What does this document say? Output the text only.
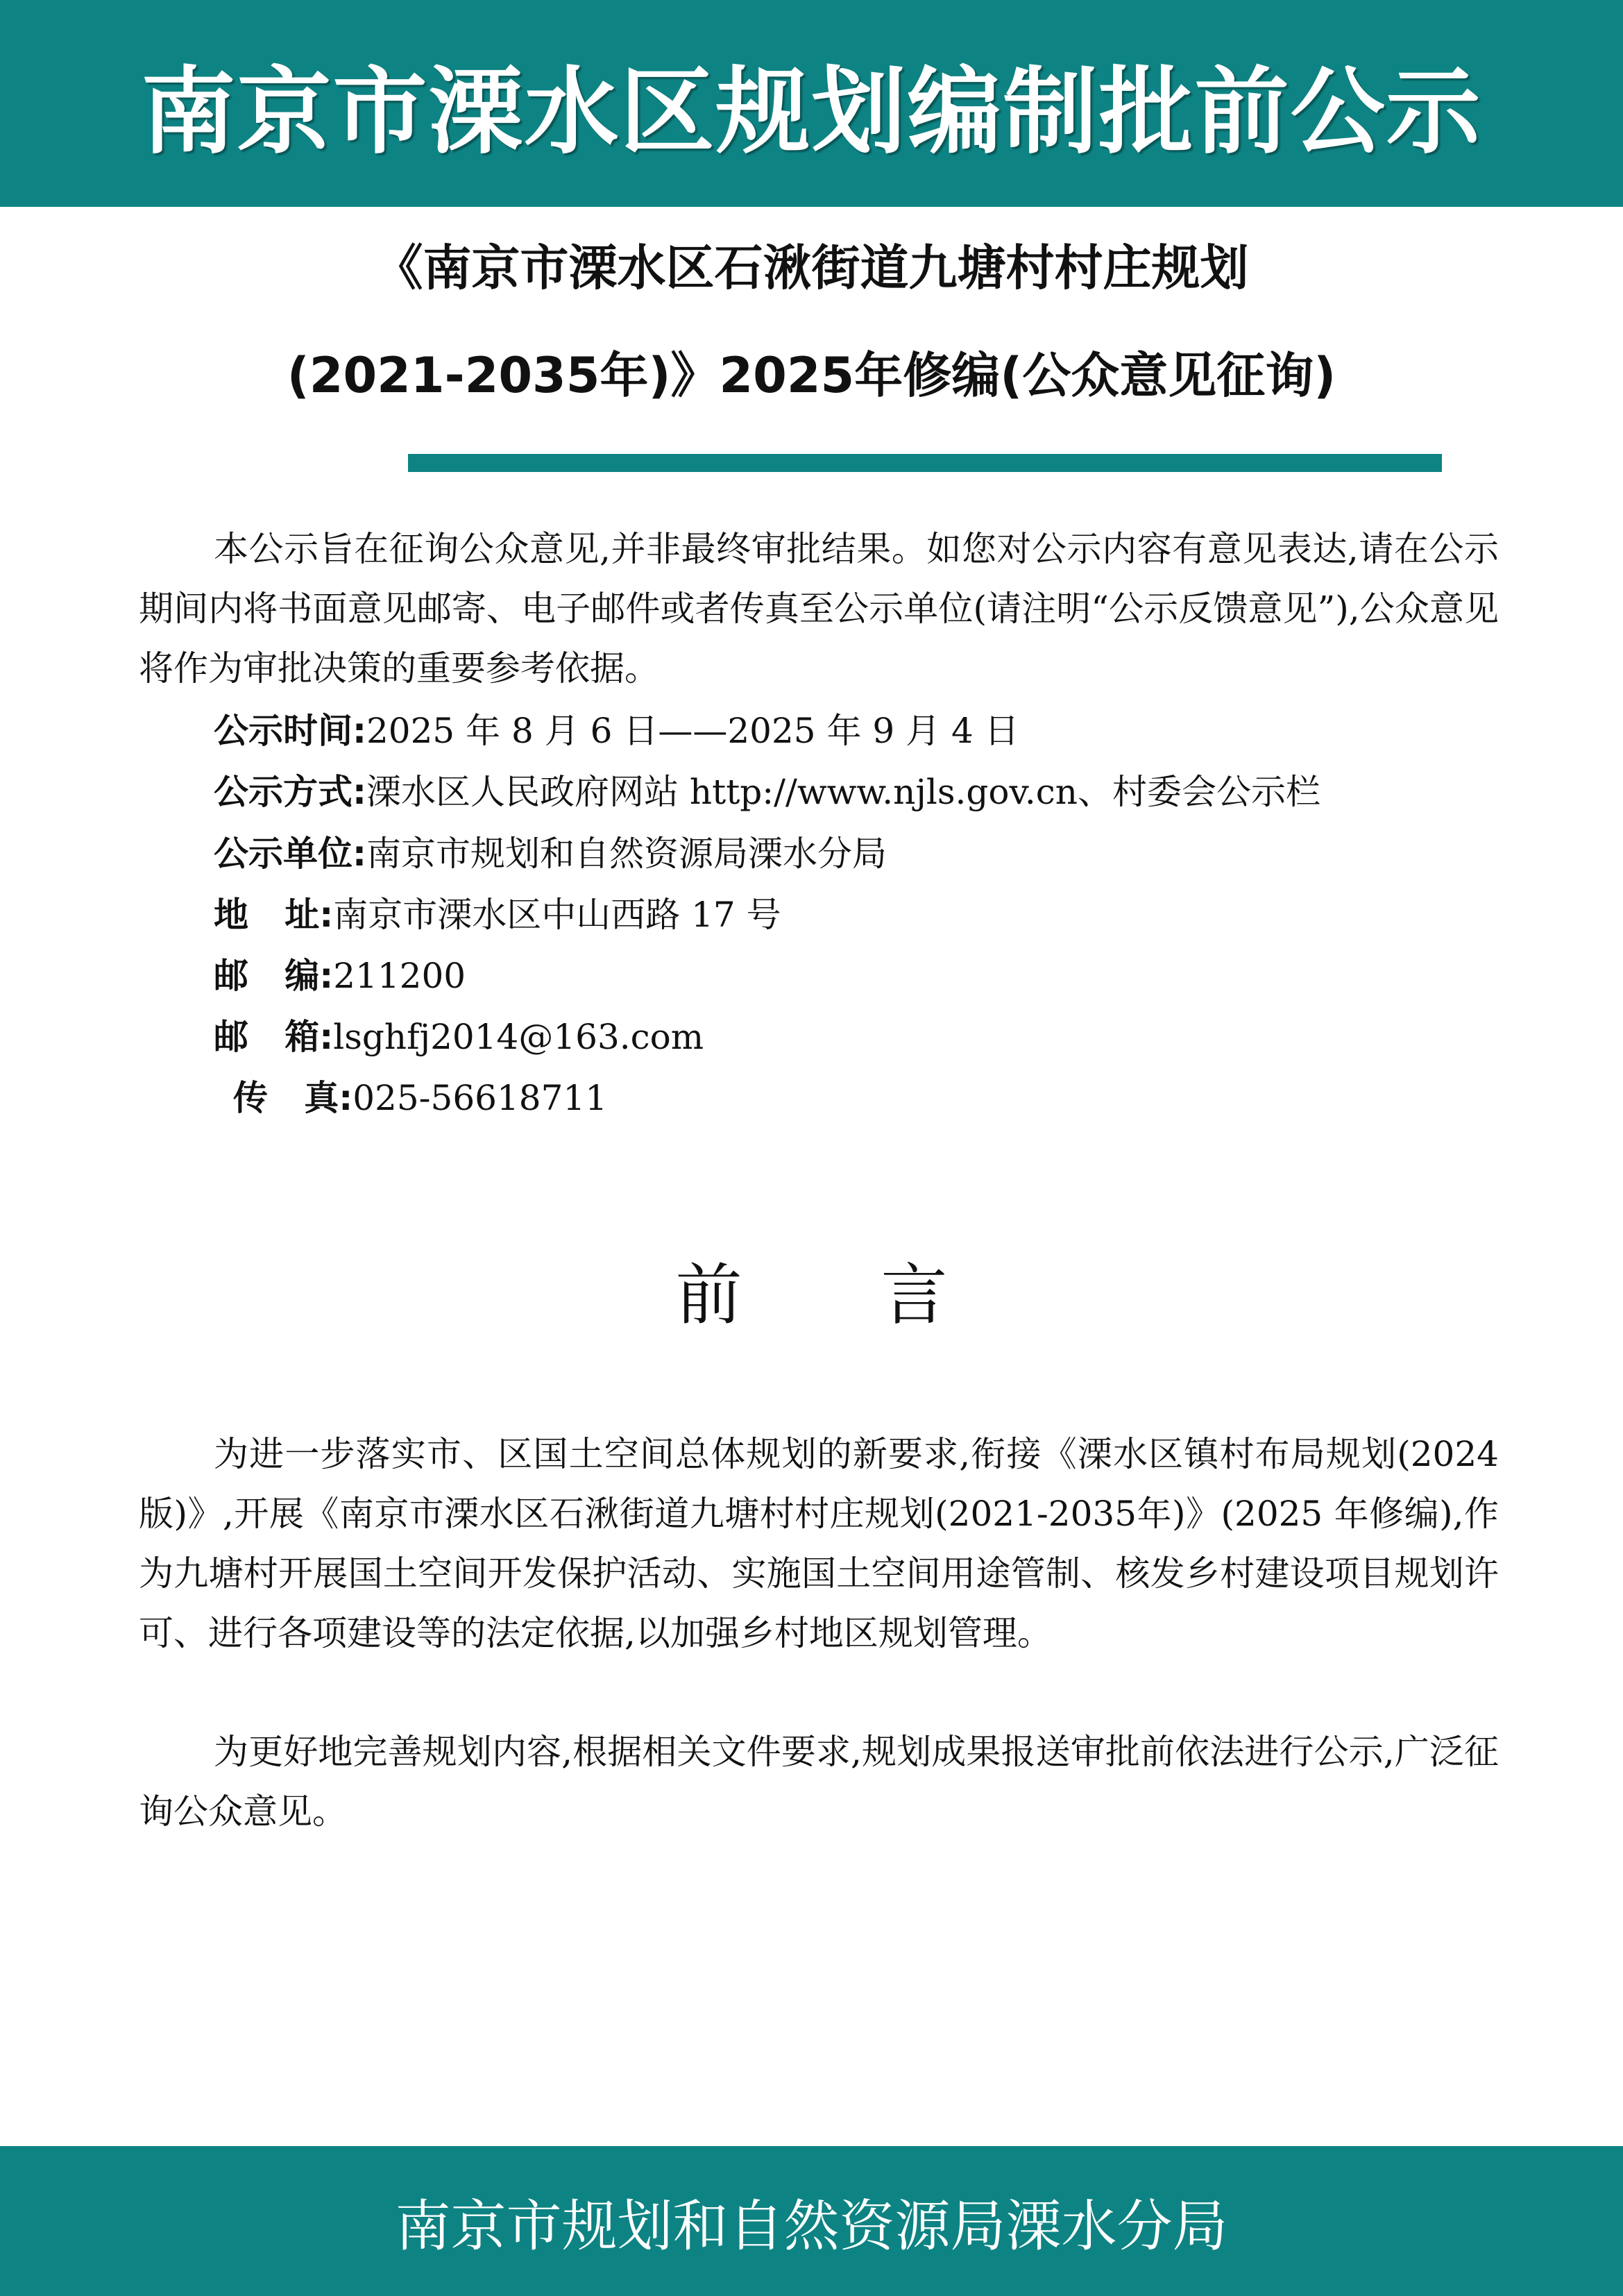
南京市溧水区规划编制批前公示
《南京市溧水区石湫街道九塘村村庄规划
(2021-2035年)》2025年修编(公众意见征询)

本公示旨在征询公众意见,并非最终审批结果。如您对公示内容有意见表达,请在公示期间内将书面意见邮寄、电子邮件或者传真至公示单位(请注明“公示反馈意见”),公众意见将作为审批决策的重要参考依据。

公示时间:2025 年 8 月 6 日——2025 年 9 月 4 日
公示方式:溧水区人民政府网站 http://www.njls.gov.cn、村委会公示栏
公示单位:南京市规划和自然资源局溧水分局
地   址:南京市溧水区中山西路 17 号
邮   编:211200
邮   箱:lsghfj2014@163.com
传   真:025-56618711
前言

为进一步落实市、区国土空间总体规划的新要求,衔接《溧水区镇村布局规划(2024 版)》,开展《南京市溧水区石湫街道九塘村村庄规划(2021-2035年)》(2025 年修编),作为九塘村开展国土空间开发保护活动、实施国土空间用途管制、核发乡村建设项目规划许可、进行各项建设等的法定依据,以加强乡村地区规划管理。

为更好地完善规划内容,根据相关文件要求,规划成果报送审批前依法进行公示,广泛征询公众意见。

南京市规划和自然资源局溧水分局
